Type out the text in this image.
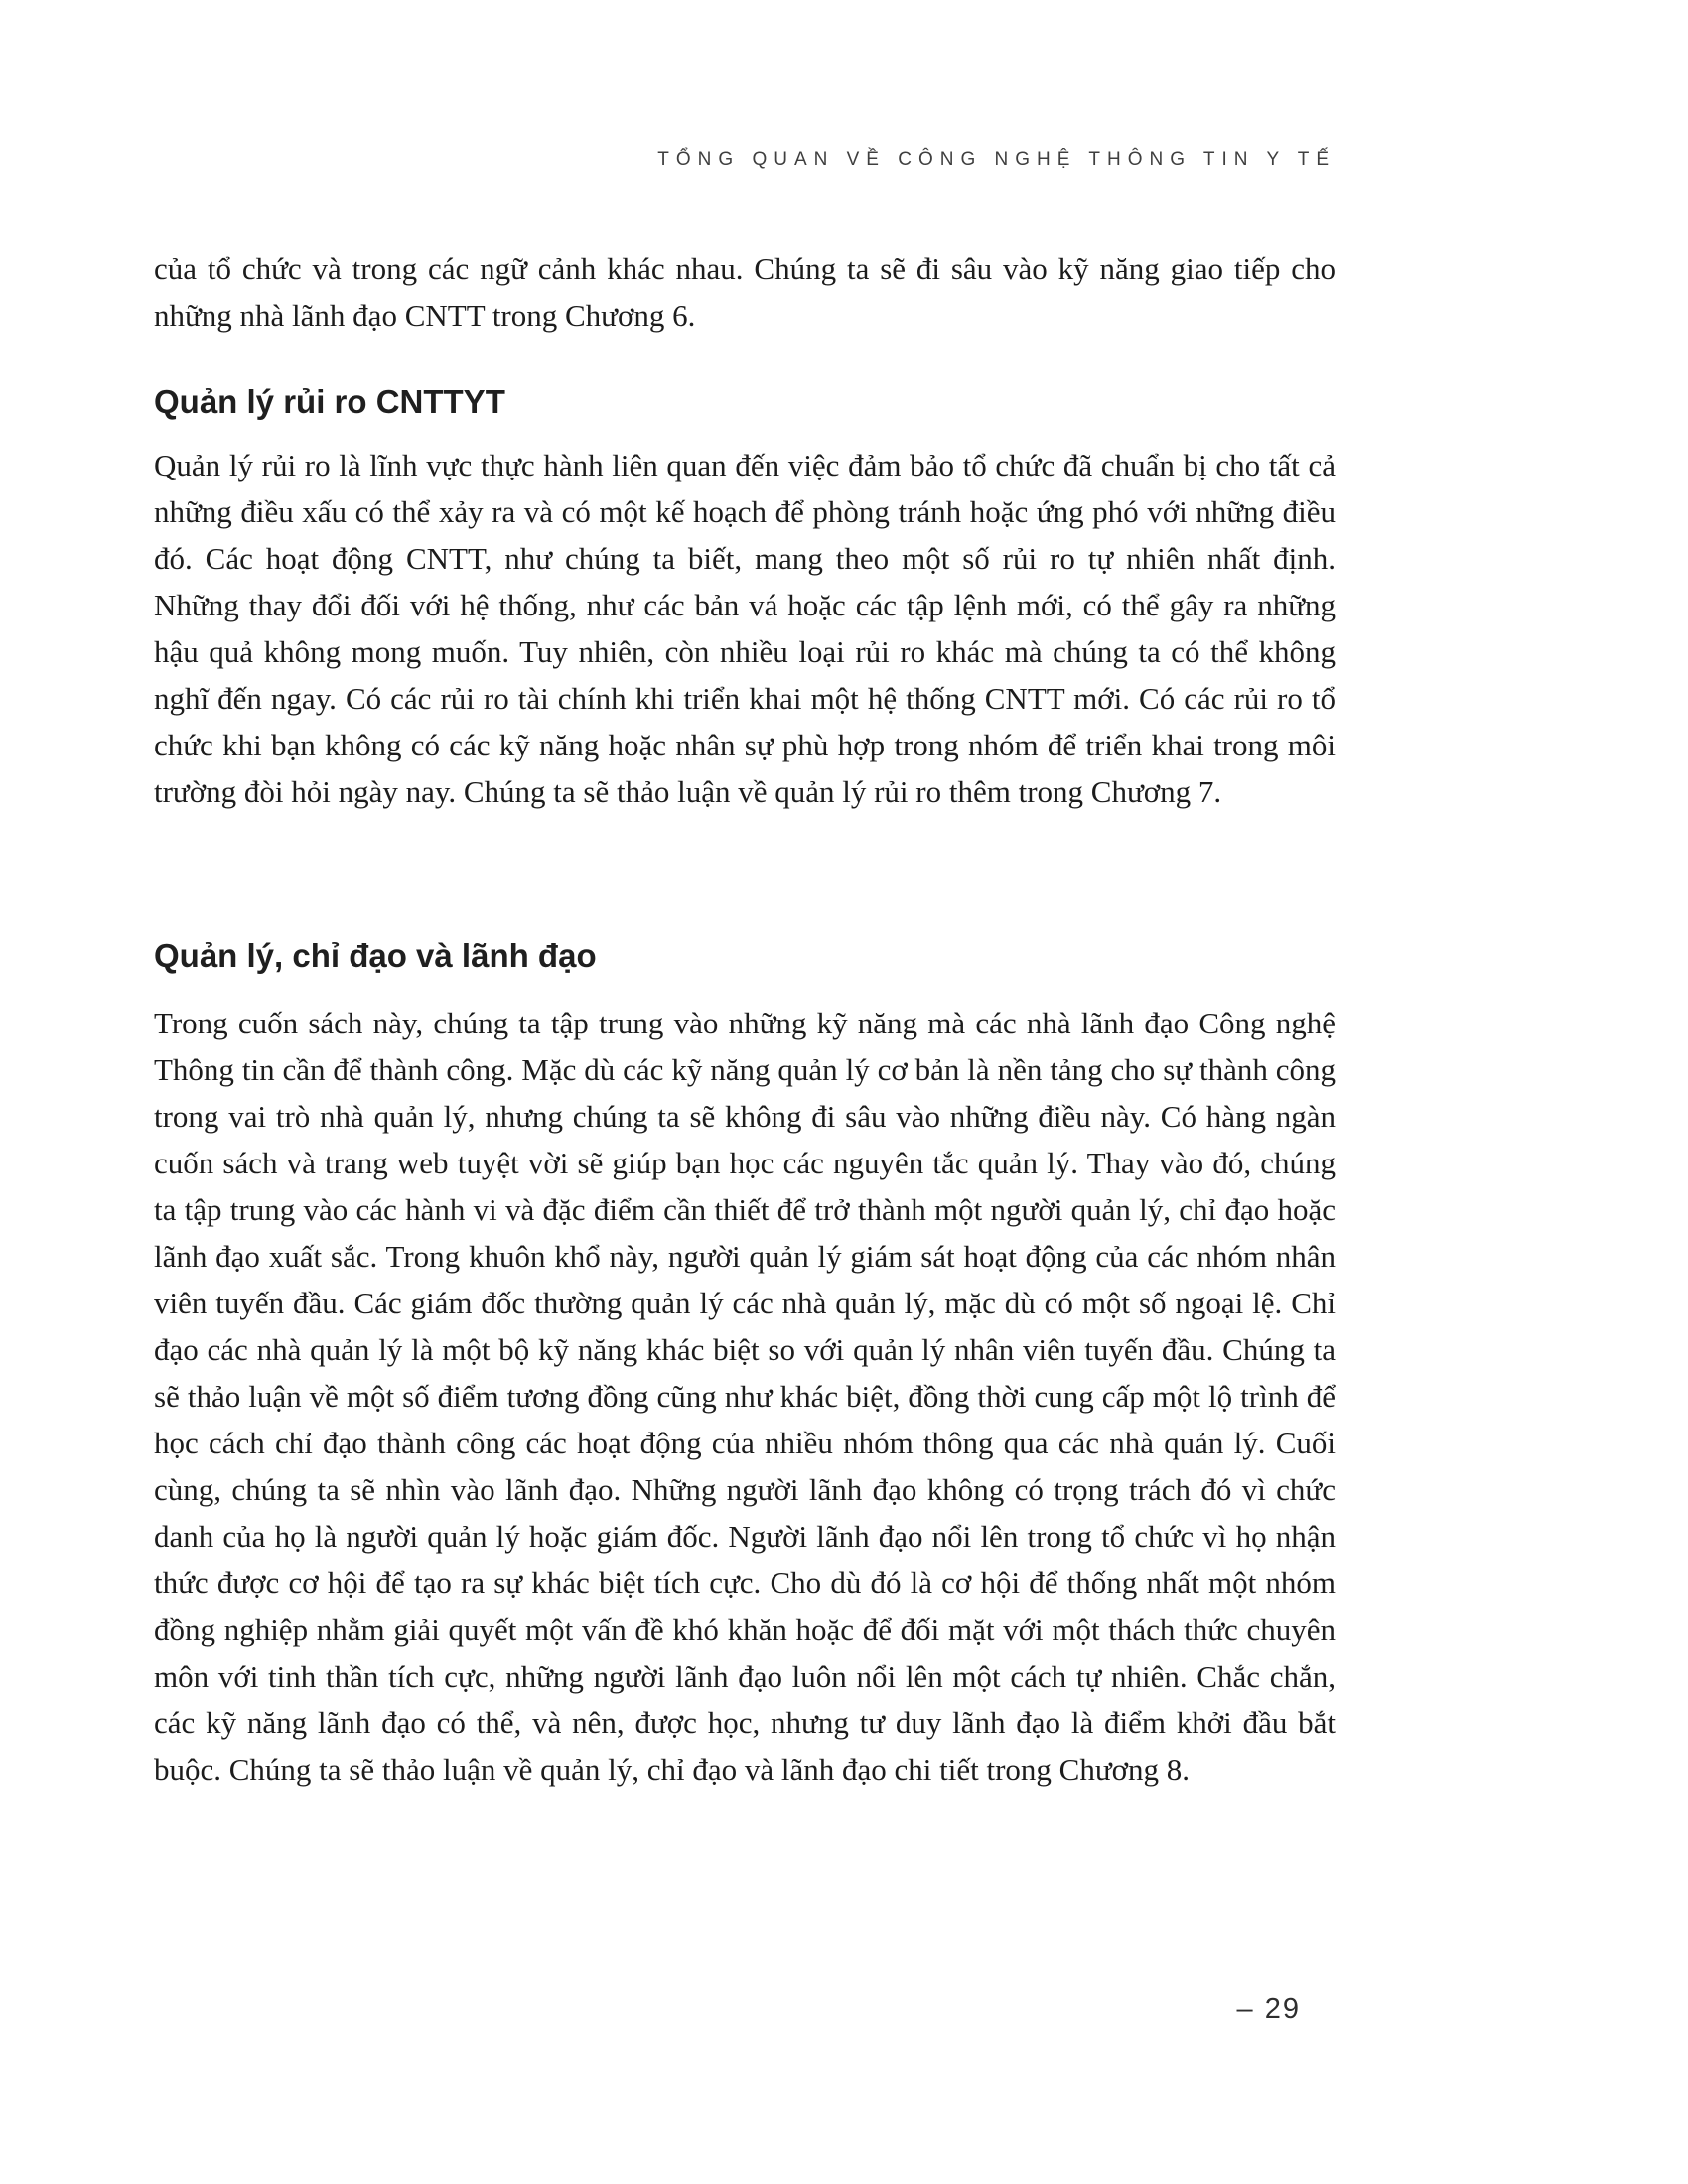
TỔNG QUAN VỀ CÔNG NGHỆ THÔNG TIN Y TẾ

của tổ chức và trong các ngữ cảnh khác nhau. Chúng ta sẽ đi sâu vào kỹ năng giao tiếp cho những nhà lãnh đạo CNTT trong Chương 6.

Quản lý rủi ro CNTTYT

Quản lý rủi ro là lĩnh vực thực hành liên quan đến việc đảm bảo tổ chức đã chuẩn bị cho tất cả những điều xấu có thể xảy ra và có một kế hoạch để phòng tránh hoặc ứng phó với những điều đó. Các hoạt động CNTT, như chúng ta biết, mang theo một số rủi ro tự nhiên nhất định. Những thay đổi đối với hệ thống, như các bản vá hoặc các tập lệnh mới, có thể gây ra những hậu quả không mong muốn. Tuy nhiên, còn nhiều loại rủi ro khác mà chúng ta có thể không nghĩ đến ngay. Có các rủi ro tài chính khi triển khai một hệ thống CNTT mới. Có các rủi ro tổ chức khi bạn không có các kỹ năng hoặc nhân sự phù hợp trong nhóm để triển khai trong môi trường đòi hỏi ngày nay. Chúng ta sẽ thảo luận về quản lý rủi ro thêm trong Chương 7.

Quản lý, chỉ đạo và lãnh đạo

Trong cuốn sách này, chúng ta tập trung vào những kỹ năng mà các nhà lãnh đạo Công nghệ Thông tin cần để thành công. Mặc dù các kỹ năng quản lý cơ bản là nền tảng cho sự thành công trong vai trò nhà quản lý, nhưng chúng ta sẽ không đi sâu vào những điều này. Có hàng ngàn cuốn sách và trang web tuyệt vời sẽ giúp bạn học các nguyên tắc quản lý. Thay vào đó, chúng ta tập trung vào các hành vi và đặc điểm cần thiết để trở thành một người quản lý, chỉ đạo hoặc lãnh đạo xuất sắc. Trong khuôn khổ này, người quản lý giám sát hoạt động của các nhóm nhân viên tuyến đầu. Các giám đốc thường quản lý các nhà quản lý, mặc dù có một số ngoại lệ. Chỉ đạo các nhà quản lý là một bộ kỹ năng khác biệt so với quản lý nhân viên tuyến đầu. Chúng ta sẽ thảo luận về một số điểm tương đồng cũng như khác biệt, đồng thời cung cấp một lộ trình để học cách chỉ đạo thành công các hoạt động của nhiều nhóm thông qua các nhà quản lý. Cuối cùng, chúng ta sẽ nhìn vào lãnh đạo. Những người lãnh đạo không có trọng trách đó vì chức danh của họ là người quản lý hoặc giám đốc. Người lãnh đạo nổi lên trong tổ chức vì họ nhận thức được cơ hội để tạo ra sự khác biệt tích cực. Cho dù đó là cơ hội để thống nhất một nhóm đồng nghiệp nhằm giải quyết một vấn đề khó khăn hoặc để đối mặt với một thách thức chuyên môn với tinh thần tích cực, những người lãnh đạo luôn nổi lên một cách tự nhiên. Chắc chắn, các kỹ năng lãnh đạo có thể, và nên, được học, nhưng tư duy lãnh đạo là điểm khởi đầu bắt buộc. Chúng ta sẽ thảo luận về quản lý, chỉ đạo và lãnh đạo chi tiết trong Chương 8.

– 29
